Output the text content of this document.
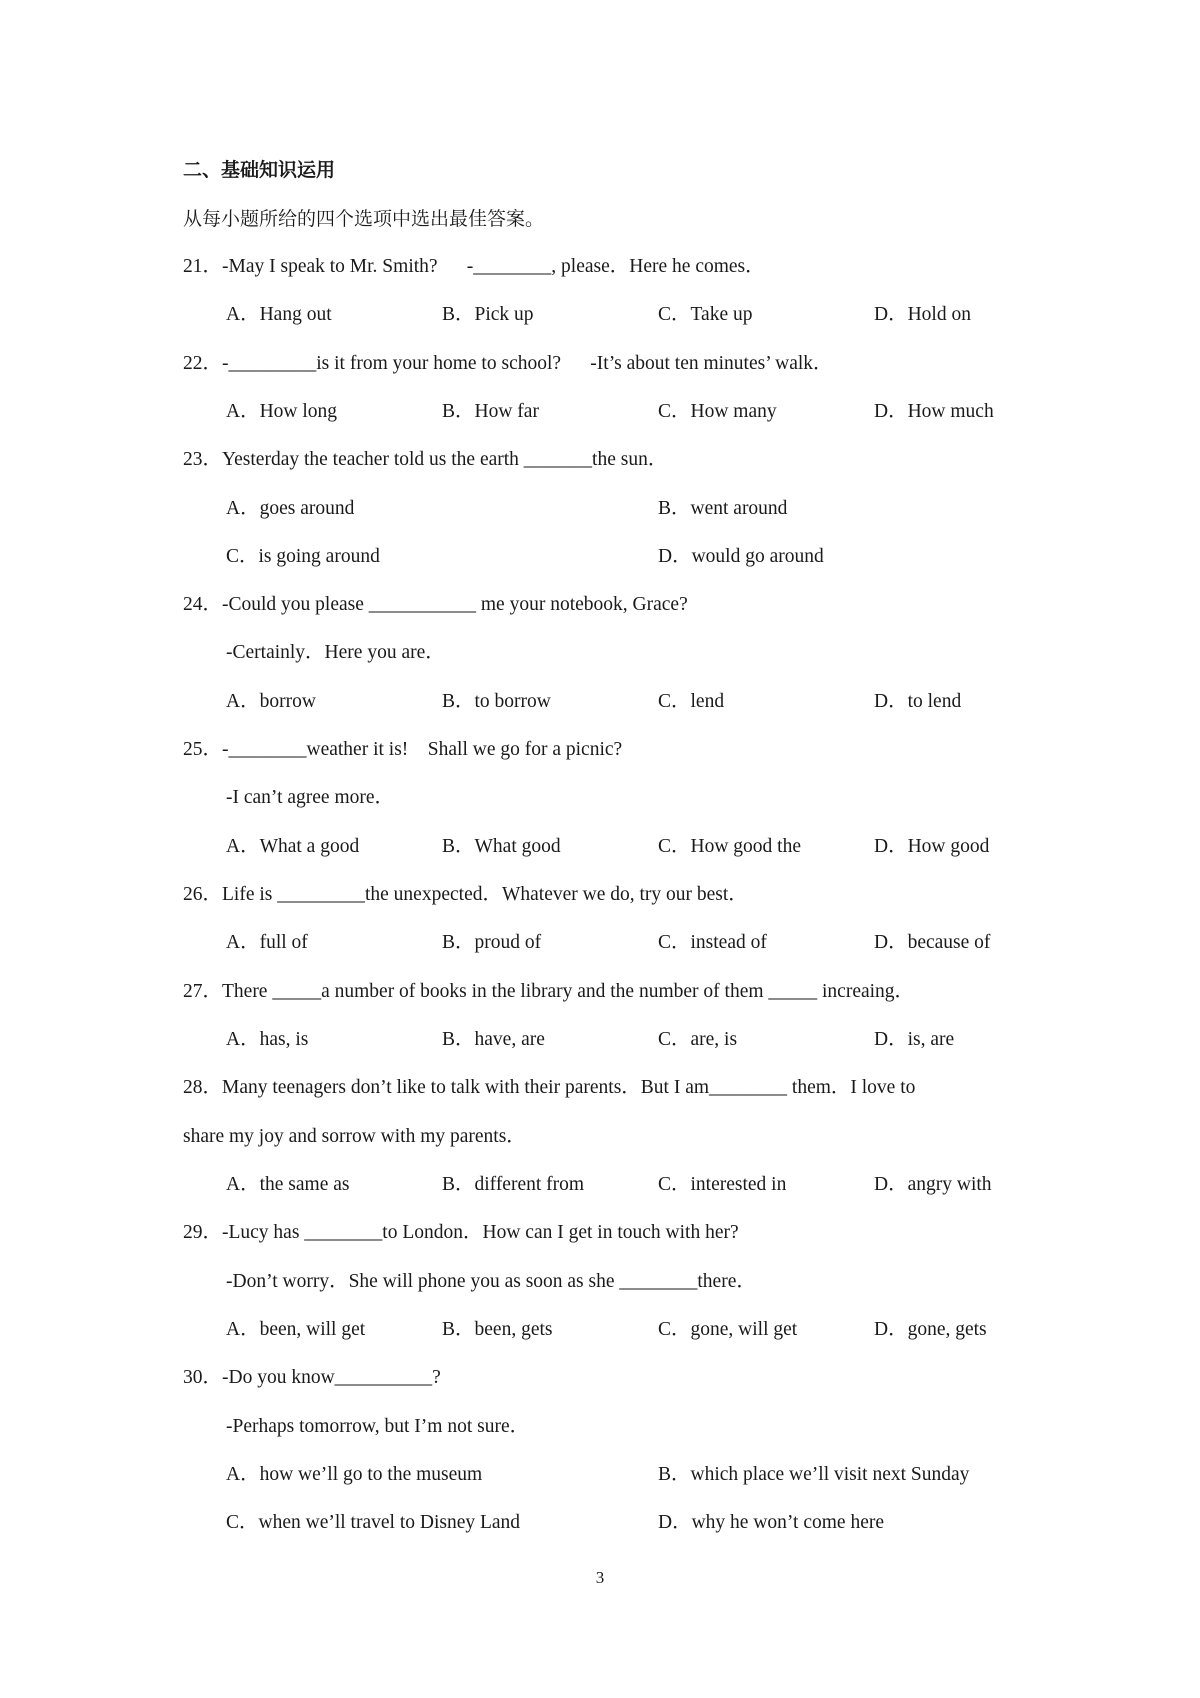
二、基础知识运用
从每小题所给的四个选项中选出最佳答案。
21．-May I speak to Mr. Smith?      -________, please．Here he comes．
A．Hang out	B．Pick up	C．Take up	D．Hold on
22．-_________is it from your home to school?      -It’s about ten minutes’ walk．
A．How long	B．How far	C．How many	D．How much
23．Yesterday the teacher told us the earth _______the sun．
A．goes around	B．went around
C．is going around	D．would go around
24．-Could you please ___________ me your notebook, Grace?
-Certainly．Here you are．
A．borrow	B．to borrow	C．lend	D．to lend
25．-________weather it is!    Shall we go for a picnic?
-I can’t agree more．
A．What a good	B．What good	C．How good the	D．How good
26．Life is _________the unexpected．Whatever we do, try our best．
A．full of	B．proud of	C．instead of	D．because of
27．There _____a number of books in the library and the number of them _____ increaing．
A．has, is	B．have, are	C．are, is	D．is, are
28．Many teenagers don’t like to talk with their parents．But I am________ them．I love to
share my joy and sorrow with my parents．
A．the same as	B．different from	C．interested in	D．angry with
29．-Lucy has ________to London．How can I get in touch with her?
-Don’t worry．She will phone you as soon as she ________there．
A．been, will get	B．been, gets	C．gone, will get	D．gone, gets
30．-Do you know__________?
-Perhaps tomorrow, but I’m not sure．
A．how we’ll go to the museum	B．which place we’ll visit next Sunday
C．when we’ll travel to Disney Land	D．why he won’t come here
3
